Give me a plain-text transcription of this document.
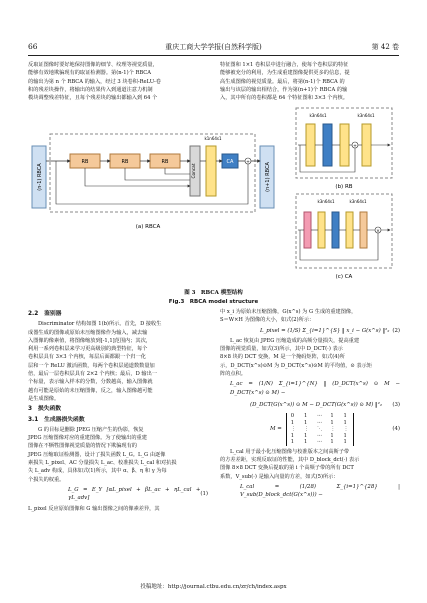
66	重庆工商大学学报(自然科学版)	第 42 卷

反取证图像时要好地保持图像的细节、纹理等视觉质量，

能够有效地欺骗现有的取证检测器。第(n-1)个 RBCA

的输出为第 n 个 RBCA 的输入，经过 3 块卷积-ReLU-卷

积的残差块操作，将输出的结果传入到通道注意力机制

模块调整残差特征，且每个残差块的输出都输入到 64 个

特征图和 1×1 卷积层中进行融合，使每个卷积层的特征

能够被充分的利用，为生成重建图像提供更多的信息，提

高生成图像的视觉质量。最后，将第(n-1)个 RBCA 的

输出与该层的输出相结合，作为第(n+1)个 RBCA 的输

入，其中所有的卷积都是 64 个特征图和 3×3 个内核。

(n-1) RBCA	(n+1) RBCA
RB	RB	RB
Concat
k1n64s1
CA	+
(a) RBCA
k3n64s1	k3n64s1
+
(b) RB
k3n64s1	k3n64s1
×
(c) CA
图 3　RBCA 模型结构
Fig.3　RBCA model structure
2.2　鉴别器

Discriminator 结构如图 1(b)所示。首先，D 接收生

成器生成的图像或原始未压缩图像作为输入，减去输

入图像的像素值，将图像缩放到[-1,1]范围内；其次，

利用一系列卷积层来学习更高级别的典型特征，每个

卷积层具有 3×3 个内核，每层后面都跟一个归一化

层和一个 ReLU 激活函数，每两个卷积层通道数数量加

倍，最后一层卷积层具有 2×2 个内核；最后，D 输出一

个标量，表示输入样本的分数，分数越高，输入图像就

越有可能是原始的未压缩图像，反之，输入图像越可能

是生成图像。

3　损失函数
3.1　生成器损失函数

G 的目标是删除 JPEG 压缩产生的伪影，恢复

JPEG 压缩图像对应的重建图像。为了使输出的重建

图像在不牺牲图像视觉质量的情况下欺骗现有的

JPEG 压缩取证检测器，设计了损失函数 L_G。L_G 由逐像

素损失 L_pixel、AC 分量损失 L_ac、校准损失 L_cal 和对抗损

失 L_adv 构成，具体如式(1)所示，其中 α、β、η 和 γ 为每

个损失的权重。

L_G = E_Y [αL_pixel + βL_ac + ηL_cal + γL_adv]
(1)

L_pixel 反应原始图像和 G 输出图像之间的像素差异，其

中 x_i 为原始未压缩图像，G(x^s) 为 G 生成的重建图像，

S＝W×H 为图像的大小，如式(2)所示：

L_pixel = (1/S) Σ_{i=1}^{S} ‖ x_i − G(x^s) ‖²₂ (2)

L_ac 恢复由 JPEG 压缩造成的高频分量损失，提高重建

图像的视觉质量，如式(3)所示，其中 D_DCT(·) 表示

8×8 块的 DCT 变换，M 是一个掩码矩阵，如式(4)所

示，D_DCT(x^s)⊙M 为 D_DCT(x^s)⊙M 的平均值，⊙ 表示矩

阵的点积。

L_ac = (1/N) Σ_{i=1}^{N} ‖ (D_DCT(x^s) ⊙ M − D_DCT(x^s) ⊙ M) −
(D_DCT(G(x^s)) ⊙ M − D_DCT(G(x^s)) ⊙ M) ‖²₂ (3)
M =
0	1	···	1	1
1	1	···	1	1
⋮	⋮	⋱	⋮	⋮
1	1	···	1	1
1	1	···	1	1
(4)

L_cal 用于最小化压缩图像与校准版本之间高斯子带

的方差差距，实现反取证的性能，其中 D_block_dct(·) 表示

图像 8×8 DCT 变换后提取的第 i 个高频子带的所有 DCT

系数，V_sub(·) 是输入向量的方差，如式(5)所示：

L_cal = (1/28) Σ_{i=1}^{28} | V_sub(D_block_dct(G(x^s))) −
投稿地址：http://journal.ctbu.edu.cn/zr/ch/index.aspx
